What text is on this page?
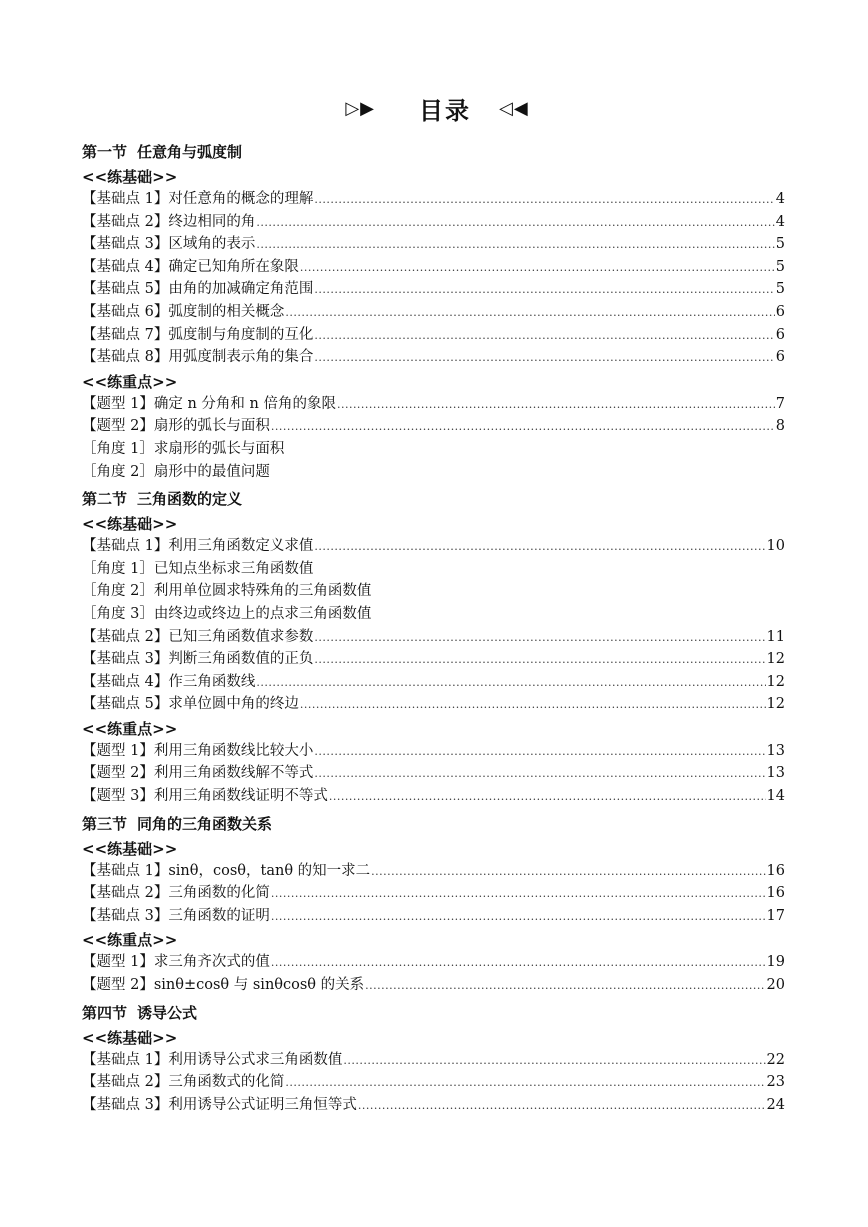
▷▶ 目录 ◁◀
第一节 任意角与弧度制
<<练基础>>
【基础点 1】对任意角的概念的理解 .....	4
【基础点 2】终边相同的角 .....	4
【基础点 3】区域角的表示 .....	5
【基础点 4】确定已知角所在象限 .....	5
【基础点 5】由角的加减确定角范围 .....	5
【基础点 6】弧度制的相关概念 .....	6
【基础点 7】弧度制与角度制的互化 .....	6
【基础点 8】用弧度制表示角的集合 .....	6
<<练重点>>
【题型 1】确定 n 分角和 n 倍角的象限 .....	7
【题型 2】扇形的弧长与面积 .....	8
［角度 1］求扇形的弧长与面积
［角度 2］扇形中的最值问题
第二节 三角函数的定义
<<练基础>>
【基础点 1】利用三角函数定义求值 .....	10
［角度 1］已知点坐标求三角函数值
［角度 2］利用单位圆求特殊角的三角函数值
［角度 3］由终边或终边上的点求三角函数值
【基础点 2】已知三角函数值求参数 .....	11
【基础点 3】判断三角函数值的正负 .....	12
【基础点 4】作三角函数线 .....	12
【基础点 5】求单位圆中角的终边 .....	12
<<练重点>>
【题型 1】利用三角函数线比较大小 .....	13
【题型 2】利用三角函数线解不等式 .....	13
【题型 3】利用三角函数线证明不等式 .....	14
第三节 同角的三角函数关系
<<练基础>>
【基础点 1】sinθ，cosθ，tanθ 的知一求二 .....	16
【基础点 2】三角函数的化简 .....	16
【基础点 3】三角函数的证明 .....	17
<<练重点>>
【题型 1】求三角齐次式的值 .....	19
【题型 2】sinθ±cosθ 与 sinθcosθ 的关系 .....	20
第四节 诱导公式
<<练基础>>
【基础点 1】利用诱导公式求三角函数值 .....	22
【基础点 2】三角函数式的化简 .....	23
【基础点 3】利用诱导公式证明三角恒等式 .....	24
